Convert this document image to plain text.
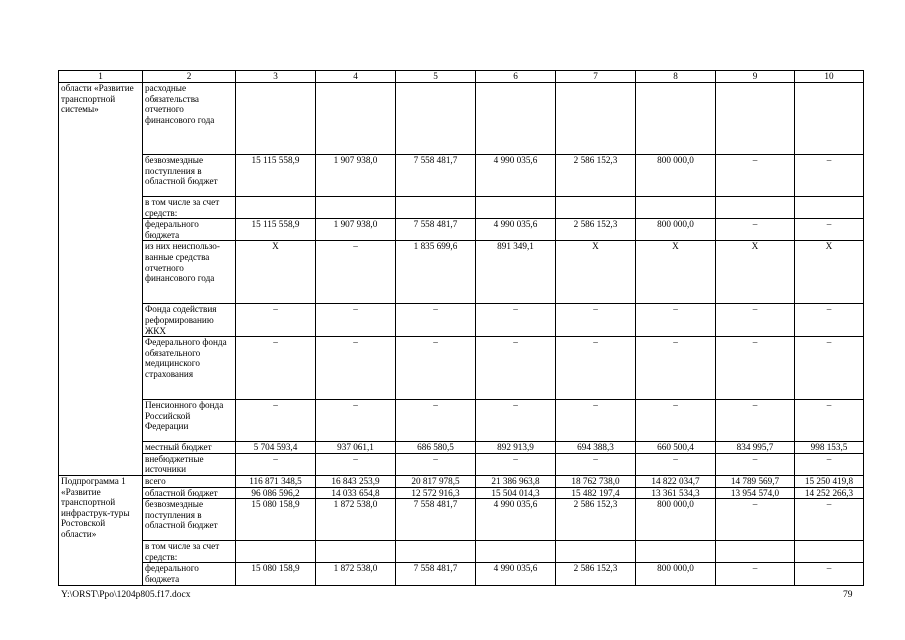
1	2	3	4	5	6	7	8	9	10
области «Развитие транспортной системы»	расходные обязательства отчетного финансового года								
	безвозмездные поступления в областной бюджет	15 115 558,9	1 907 938,0	7 558 481,7	4 990 035,6	2 586 152,3	800 000,0	–	–
	в том числе за счет средств:								
	федерального бюджета	15 115 558,9	1 907 938,0	7 558 481,7	4 990 035,6	2 586 152,3	800 000,0	–	–
	из них неиспользо-ванные средства отчетного финансового года	Х	–	1 835 699,6	891 349,1	Х	Х	Х	Х
	Фонда содействия реформированию ЖКХ	–	–	–	–	–	–	–	–
	Федерального фонда обязательного медицинского страхования	–	–	–	–	–	–	–	–
	Пенсионного фонда Российской Федерации	–	–	–	–	–	–	–	–
	местный бюджет	5 704 593,4	937 061,1	686 580,5	892 913,9	694 388,3	660 500,4	834 995,7	998 153,5
	внебюджетные источники	–	–	–	–	–	–	–	–
Подпрограмма 1 «Развитие транспортной инфраструк-туры Ростовской области»	всего	116 871 348,5	16 843 253,9	20 817 978,5	21 386 963,8	18 762 738,0	14 822 034,7	14 789 569,7	15 250 419,8
	областной бюджет	96 086 596,2	14 033 654,8	12 572 916,3	15 504 014,3	15 482 197,4	13 361 534,3	13 954 574,0	14 252 266,3
	безвозмездные поступления в областной бюджет	15 080 158,9	1 872 538,0	7 558 481,7	4 990 035,6	2 586 152,3	800 000,0	–	–
	в том числе за счет средств:								
	федерального бюджета	15 080 158,9	1 872 538,0	7 558 481,7	4 990 035,6	2 586 152,3	800 000,0	–	–
Y:\ORST\Ppo\1204p805.f17.docx	79
